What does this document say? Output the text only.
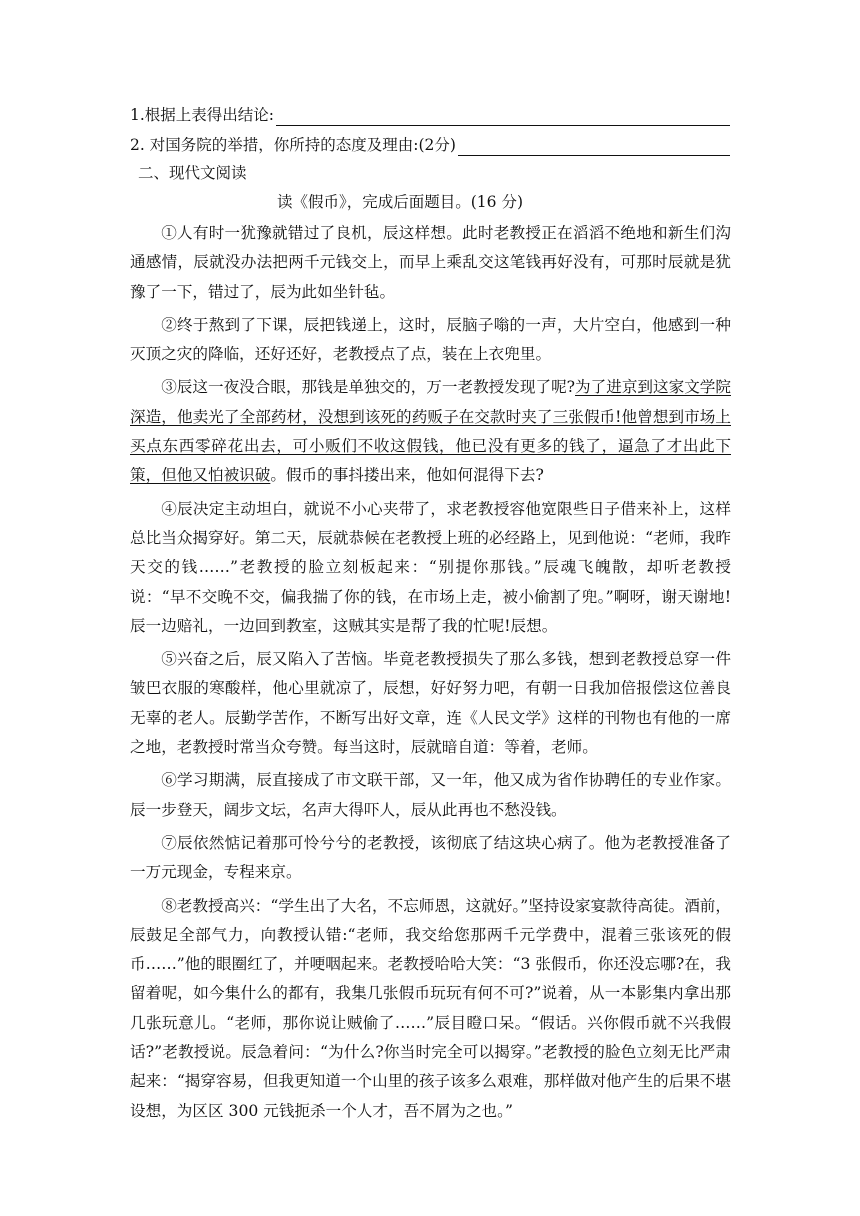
1.根据上表得出结论:
2. 对国务院的举措，你所持的态度及理由:(2分)
二、现代文阅读
读《假币》，完成后面题目。(16 分)

①人有时一犹豫就错过了良机，辰这样想。此时老教授正在滔滔不绝地和新生们沟通感情，辰就没办法把两千元钱交上，而早上乘乱交这笔钱再好没有，可那时辰就是犹豫了一下，错过了，辰为此如坐针毡。

②终于熬到了下课，辰把钱递上，这时，辰脑子嗡的一声，大片空白，他感到一种灭顶之灾的降临，还好还好，老教授点了点，装在上衣兜里。

③辰这一夜没合眼，那钱是单独交的，万一老教授发现了呢?为了进京到这家文学院深造，他卖光了全部药材，没想到该死的药贩子在交款时夹了三张假币!他曾想到市场上买点东西零碎花出去，可小贩们不收这假钱，他已没有更多的钱了，逼急了才出此下策，但他又怕被识破。假币的事抖搂出来，他如何混得下去?

④辰决定主动坦白，就说不小心夹带了，求老教授容他宽限些日子借来补上，这样总比当众揭穿好。第二天，辰就恭候在老教授上班的必经路上，见到他说：“老师，我昨天交的钱……”老教授的脸立刻板起来：“别提你那钱。”辰魂飞魄散，却听老教授说：“早不交晚不交，偏我揣了你的钱，在市场上走，被小偷割了兜。”啊呀，谢天谢地!辰一边赔礼，一边回到教室，这贼其实是帮了我的忙呢!辰想。

⑤兴奋之后，辰又陷入了苦恼。毕竟老教授损失了那么多钱，想到老教授总穿一件皱巴衣服的寒酸样，他心里就凉了，辰想，好好努力吧，有朝一日我加倍报偿这位善良无辜的老人。辰勤学苦作，不断写出好文章，连《人民文学》这样的刊物也有他的一席之地，老教授时常当众夸赞。每当这时，辰就暗自道：等着，老师。

⑥学习期满，辰直接成了市文联干部，又一年，他又成为省作协聘任的专业作家。辰一步登天，阔步文坛，名声大得吓人，辰从此再也不愁没钱。

⑦辰依然惦记着那可怜兮兮的老教授，该彻底了结这块心病了。他为老教授准备了一万元现金，专程来京。

⑧老教授高兴：“学生出了大名，不忘师恩，这就好。”坚持设家宴款待高徒。酒前，辰鼓足全部气力，向教授认错:“老师，我交给您那两千元学费中，混着三张该死的假币……”他的眼圈红了，并哽咽起来。老教授哈哈大笑：“3 张假币，你还没忘哪?在，我留着呢，如今集什么的都有，我集几张假币玩玩有何不可?”说着，从一本影集内拿出那几张玩意儿。“老师，那你说让贼偷了……”辰目瞪口呆。“假话。兴你假币就不兴我假话?”老教授说。辰急着问：“为什么?你当时完全可以揭穿。”老教授的脸色立刻无比严肃起来：“揭穿容易，但我更知道一个山里的孩子该多么艰难，那样做对他产生的后果不堪设想，为区区 300 元钱扼杀一个人才，吾不屑为之也。”
